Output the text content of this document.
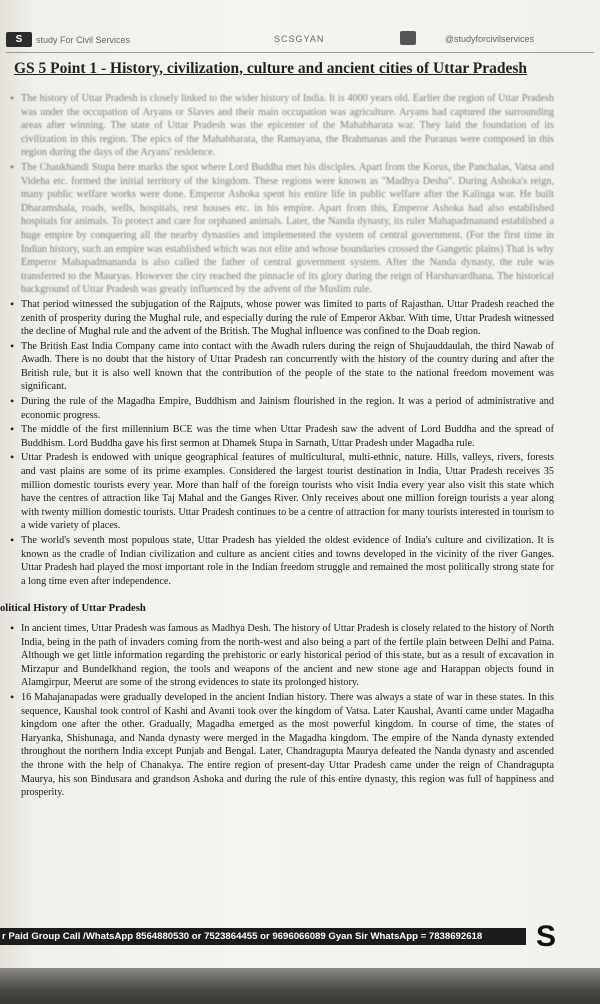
S	study For Civil Services	SCSGYAN	@studyforcivilservices
GS 5 Point 1 - History, civilization, culture and ancient cities of Uttar Pradesh
• The history of Uttar Pradesh is closely linked to the wider history of India. It is 4000 years old. Earlier the region of Uttar Pradesh was under the occupation of Aryans or Slaves and their main occupation was agriculture. Aryans had captured the surrounding areas after winning. The state of Uttar Pradesh was the epicenter of the Mahabharata war. They laid the foundation of its civilization in this region. The epics of the Mahabharata, the Ramayana, the Brahmanas and the Puranas were composed in this region during the days of the Aryans' residence.
• The Chaukhandi Stupa here marks the spot where Lord Buddha met his disciples. Apart from the Korus, the Panchalas, Vatsa and Videha etc. formed the initial territory of the kingdom. These regions were known as "Madhya Desha". During Ashoka's reign, many public welfare works were done. Emperor Ashoka spent his entire life in public welfare after the Kalinga war. He built Dharamshala, roads, wells, hospitals, rest houses etc. in his empire. Apart from this, Emperor Ashoka had also established hospitals for animals. To protect and care for orphaned animals. Later, the Nanda dynasty, its ruler Mahapadmanand established a huge empire by conquering all the nearby dynasties and implemented the system of central government. (For the first time in Indian history, such an empire was established which was not elite and whose boundaries crossed the Gangetic plains) That is why Emperor Mahapadmananda is also called the father of central government system. After the Nanda dynasty, the rule was transferred to the Mauryas. However the city reached the pinnacle of its glory during the reign of Harshavardhana. The historical background of Uttar Pradesh was greatly influenced by the advent of the Muslim rule.
• That period witnessed the subjugation of the Rajputs, whose power was limited to parts of Rajasthan. Uttar Pradesh reached the zenith of prosperity during the Mughal rule, and especially during the rule of Emperor Akbar. With time, Uttar Pradesh witnessed the decline of Mughal rule and the advent of the British. The Mughal influence was confined to the Doab region.
• The British East India Company came into contact with the Awadh rulers during the reign of Shujauddaulah, the third Nawab of Awadh. There is no doubt that the history of Uttar Pradesh ran concurrently with the history of the country during and after the British rule, but it is also well known that the contribution of the people of the state to the national freedom movement was significant.
• During the rule of the Magadha Empire, Buddhism and Jainism flourished in the region. It was a period of administrative and economic progress.
• The middle of the first millennium BCE was the time when Uttar Pradesh saw the advent of Lord Buddha and the spread of Buddhism. Lord Buddha gave his first sermon at Dhamek Stupa in Sarnath, Uttar Pradesh under Magadha rule.
• Uttar Pradesh is endowed with unique geographical features of multicultural, multi-ethnic, nature. Hills, valleys, rivers, forests and vast plains are some of its prime examples. Considered the largest tourist destination in India, Uttar Pradesh receives 35 million domestic tourists every year. More than half of the foreign tourists who visit India every year also visit this state which have the centres of attraction like Taj Mahal and the Ganges River. Only receives about one million foreign tourists a year along with twenty million domestic tourists. Uttar Pradesh continues to be a centre of attraction for many tourists interested in tourism to a wide variety of places.
• The world's seventh most populous state, Uttar Pradesh has yielded the oldest evidence of India's culture and civilization. It is known as the cradle of Indian civilization and culture as ancient cities and towns developed in the vicinity of the river Ganges. Uttar Pradesh had played the most important role in the Indian freedom struggle and remained the most politically strong state for a long time even after independence.
olitical History of Uttar Pradesh
• In ancient times, Uttar Pradesh was famous as Madhya Desh. The history of Uttar Pradesh is closely related to the history of North India, being in the path of invaders coming from the north-west and also being a part of the fertile plain between Delhi and Patna. Although we get little information regarding the prehistoric or early historical period of this state, but as a result of excavation in Mirzapur and Bundelkhand region, the tools and weapons of the ancient and new stone age and Harappan objects found in Alamgirpur, Meerut are some of the strong evidences to state its prolonged history.
• 16 Mahajanapadas were gradually developed in the ancient Indian history. There was always a state of war in these states. In this sequence, Kaushal took control of Kashi and Avanti took over the kingdom of Vatsa. Later Kaushal, Avanti came under Magadha kingdom one after the other. Gradually, Magadha emerged as the most powerful kingdom. In course of time, the states of Haryanka, Shishunaga, and Nanda dynasty were merged in the Magadha kingdom. The empire of the Nanda dynasty extended throughout the northern India except Punjab and Bengal. Later, Chandragupta Maurya defeated the Nanda dynasty and ascended the throne with the help of Chanakya. The entire region of present-day Uttar Pradesh came under the reign of Chandragupta Maurya, his son Bindusara and grandson Ashoka and during the rule of this entire dynasty, this region was full of happiness and prosperity.
r Paid Group Call /WhatsApp 8564880530 or 7523864455 or 9696066089 Gyan Sir WhatsApp = 7838692618	S
